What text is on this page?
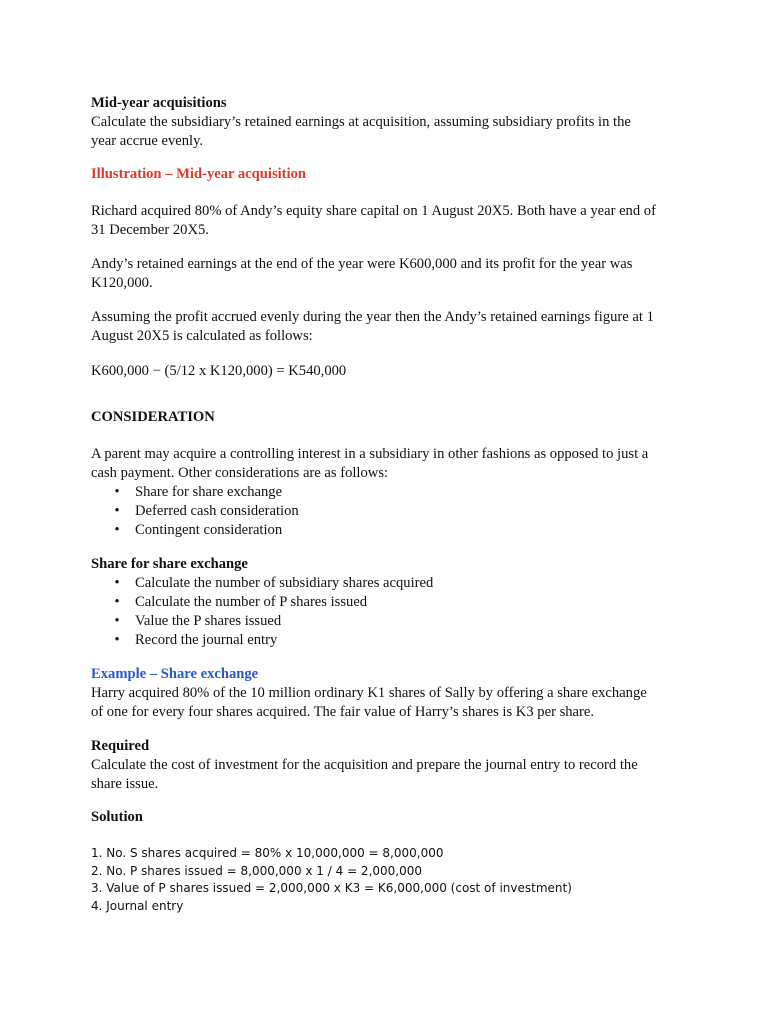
Mid-year acquisitions
Calculate the subsidiary’s retained earnings at acquisition, assuming subsidiary profits in the
year accrue evenly.
Illustration – Mid-year acquisition
Richard acquired 80% of Andy’s equity share capital on 1 August 20X5. Both have a year end of
31 December 20X5.
Andy’s retained earnings at the end of the year were K600,000 and its profit for the year was
K120,000.
Assuming the profit accrued evenly during the year then the Andy’s retained earnings figure at 1
August 20X5 is calculated as follows:
K600,000 − (5/12 x K120,000) = K540,000
CONSIDERATION
A parent may acquire a controlling interest in a subsidiary in other fashions as opposed to just a
cash payment. Other considerations are as follows:
• Share for share exchange
• Deferred cash consideration
• Contingent consideration
Share for share exchange
• Calculate the number of subsidiary shares acquired
• Calculate the number of P shares issued
• Value the P shares issued
• Record the journal entry
Example – Share exchange
Harry acquired 80% of the 10 million ordinary K1 shares of Sally by offering a share exchange
of one for every four shares acquired. The fair value of Harry’s shares is K3 per share.
Required
Calculate the cost of investment for the acquisition and prepare the journal entry to record the
share issue.
Solution
1. No. S shares acquired = 80% x 10,000,000 = 8,000,000
2. No. P shares issued = 8,000,000 x 1 / 4 = 2,000,000
3. Value of P shares issued = 2,000,000 x K3 = K6,000,000 (cost of investment)
4. Journal entry
